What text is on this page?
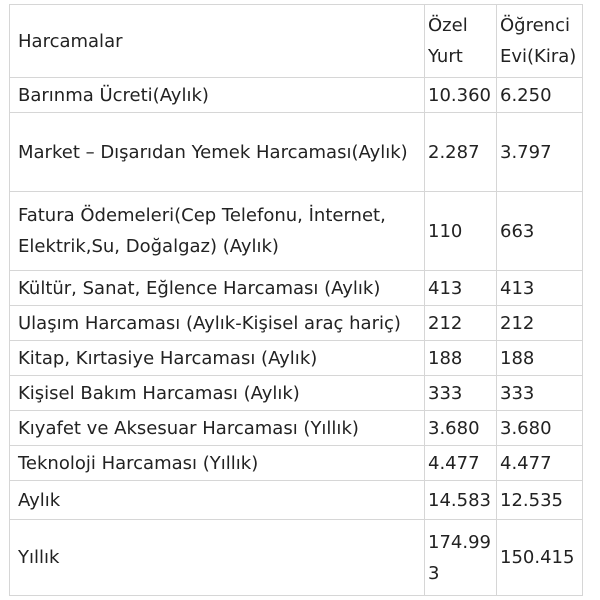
Harcamalar	Özel Yurt	Öğrenci Evi(Kira)
Barınma Ücreti(Aylık)	10.360	6.250
Market – Dışarıdan Yemek Harcaması(Aylık)	2.287	3.797
Fatura Ödemeleri(Cep Telefonu, İnternet, Elektrik,Su, Doğalgaz) (Aylık)	110	663
Kültür, Sanat, Eğlence Harcaması (Aylık)	413	413
Ulaşım Harcaması (Aylık-Kişisel araç hariç)	212	212
Kitap, Kırtasiye Harcaması (Aylık)	188	188
Kişisel Bakım Harcaması (Aylık)	333	333
Kıyafet ve Aksesuar Harcaması (Yıllık)	3.680	3.680
Teknoloji Harcaması (Yıllık)	4.477	4.477
Aylık	14.583	12.535
Yıllık	174.993	150.415
